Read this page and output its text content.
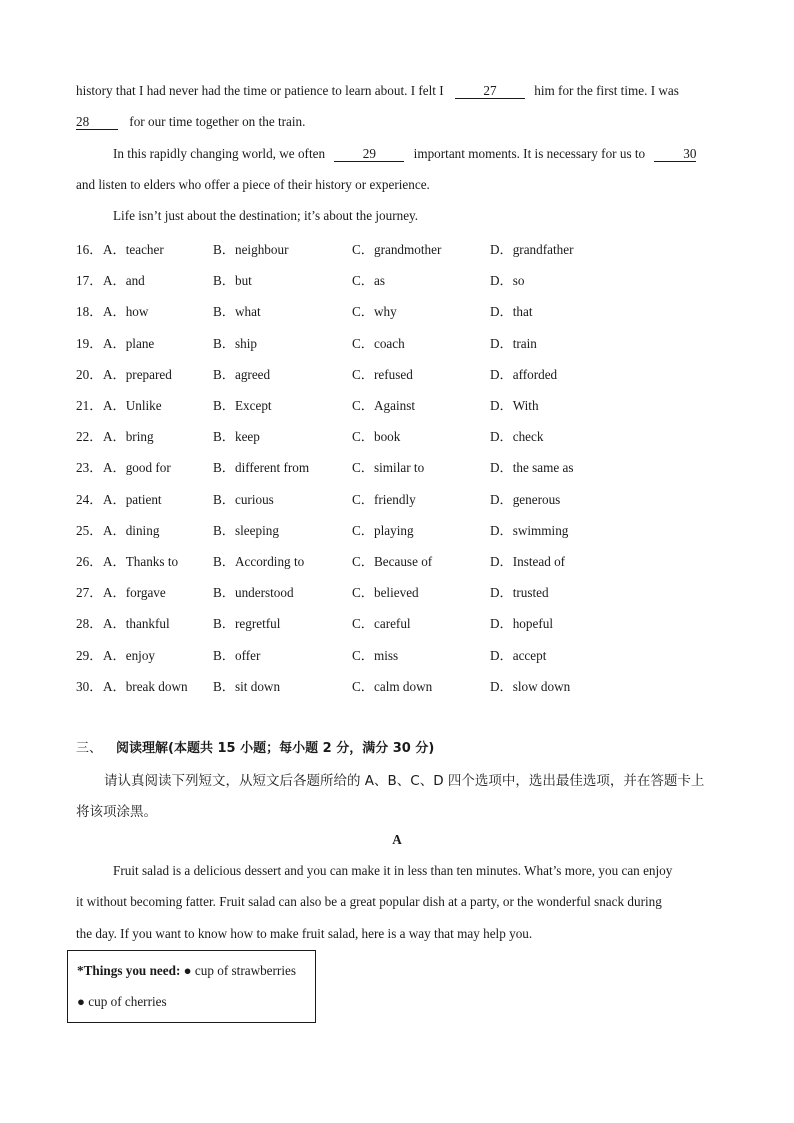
history that I had never had the time or patience to learn about. I felt I	27	him for the first time. I was
28	for our time together on the train.
In this rapidly changing world, we often	29	important moments. It is necessary for us to	30
and listen to elders who offer a piece of their history or experience.
Life isn’t just about the destination; it’s about the journey.
16． A．teacher	B．neighbour	C．grandmother	D．grandfather
17． A．and	B．but	C．as	D．so
18． A．how	B．what	C．why	D．that
19． A．plane	B．ship	C．coach	D．train
20． A．prepared	B．agreed	C．refused	D．afforded
21． A．Unlike	B．Except	C．Against	D．With
22． A．bring	B．keep	C．book	D．check
23． A．good for	B．different from	C．similar to	D．the same as
24． A．patient	B．curious	C．friendly	D．generous
25． A．dining	B．sleeping	C．playing	D．swimming
26． A．Thanks to	B．According to	C．Because of	D．Instead of
27． A．forgave	B．understood	C．believed	D．trusted
28． A．thankful	B．regretful	C．careful	D．hopeful
29． A．enjoy	B．offer	C．miss	D．accept
30． A．break down B．sit down	C．calm down	D．slow down
三、 阅读理解(本题共 15 小题；每小题 2 分，满分 30 分)
请认真阅读下列短文，从短文后各题所给的 A、B、C、D 四个选项中，选出最佳选项，并在答题卡上
将该项涂黑。
A
Fruit salad is a delicious dessert and you can make it in less than ten minutes. What’s more, you can enjoy
it without becoming fatter. Fruit salad can also be a great popular dish at a party, or the wonderful snack during
the day. If you want to know how to make fruit salad, here is a way that may help you.
*Things you need: ● cup of strawberries
● cup of cherries
